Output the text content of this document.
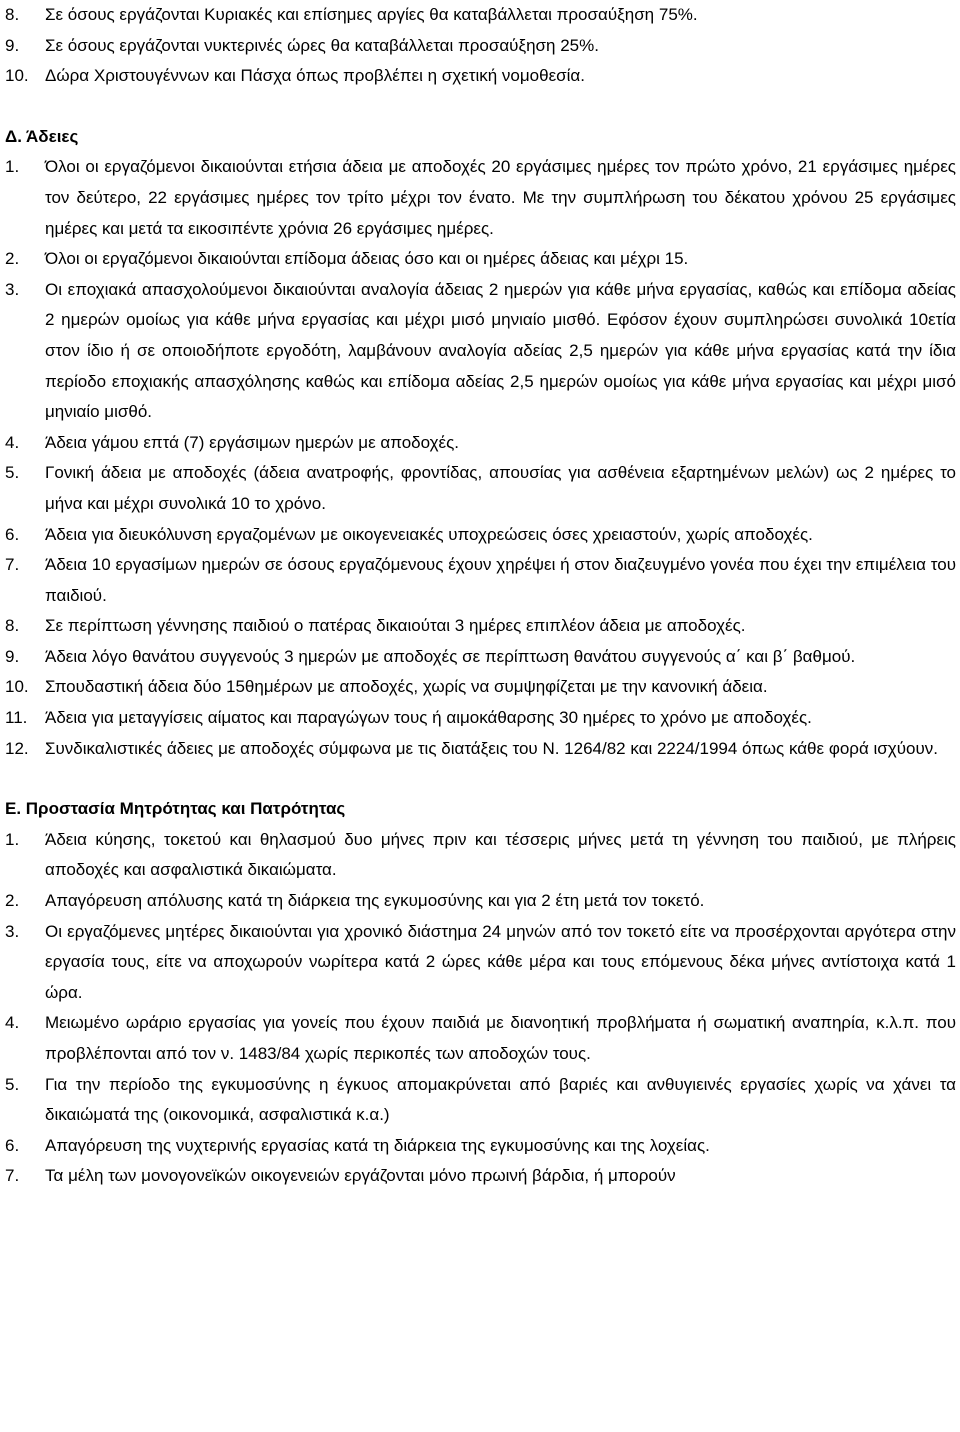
8.	Σε όσους εργάζονται Κυριακές και επίσημες αργίες θα καταβάλλεται προσαύξηση 75%.
9.	Σε όσους εργάζονται νυκτερινές ώρες θα καταβάλλεται προσαύξηση 25%.
10. Δώρα Χριστουγέννων και Πάσχα όπως προβλέπει η σχετική νομοθεσία.
Δ. Άδειες
1.	Όλοι οι εργαζόμενοι δικαιούνται ετήσια άδεια με αποδοχές 20 εργάσιμες ημέρες τον πρώτο χρόνο, 21 εργάσιμες ημέρες τον δεύτερο, 22 εργάσιμες ημέρες τον τρίτο μέχρι τον ένατο. Με την συμπλήρωση του δέκατου χρόνου 25 εργάσιμες ημέρες και μετά τα εικοσιπέντε χρόνια 26 εργάσιμες ημέρες.
2.	Όλοι οι εργαζόμενοι δικαιούνται επίδομα άδειας όσο και οι ημέρες άδειας και μέχρι 15.
3.	Οι εποχιακά απασχολούμενοι δικαιούνται αναλογία άδειας 2 ημερών για κάθε μήνα εργασίας, καθώς και επίδομα αδείας 2 ημερών ομοίως για κάθε μήνα εργασίας και μέχρι μισό μηνιαίο μισθό. Εφόσον έχουν συμπληρώσει συνολικά 10ετία στον ίδιο ή σε οποιοδήποτε εργοδότη, λαμβάνουν αναλογία αδείας 2,5 ημερών για κάθε μήνα εργασίας κατά την ίδια περίοδο εποχιακής απασχόλησης καθώς και επίδομα αδείας 2,5 ημερών ομοίως για κάθε μήνα εργασίας και μέχρι μισό μηνιαίο μισθό.
4.	Άδεια γάμου επτά (7) εργάσιμων ημερών με αποδοχές.
5.	Γονική άδεια με αποδοχές (άδεια ανατροφής, φροντίδας, απουσίας για ασθένεια εξαρτημένων μελών) ως 2 ημέρες το μήνα και μέχρι συνολικά 10 το χρόνο.
6.	Άδεια για διευκόλυνση εργαζομένων με οικογενειακές υποχρεώσεις όσες χρειαστούν, χωρίς αποδοχές.
7.	Άδεια 10 εργασίμων ημερών σε όσους εργαζόμενους έχουν χηρέψει ή στον διαζευγμένο γονέα που έχει την επιμέλεια του παιδιού.
8.	Σε περίπτωση γέννησης παιδιού ο πατέρας δικαιούται 3 ημέρες επιπλέον άδεια με αποδοχές.
9.	Άδεια λόγο θανάτου συγγενούς 3 ημερών με αποδοχές σε περίπτωση θανάτου συγγενούς α΄ και β΄ βαθμού.
10. Σπουδαστική άδεια δύο 15θημέρων με αποδοχές, χωρίς να συμψηφίζεται με την κανονική άδεια.
11.	Άδεια για μεταγγίσεις αίματος και παραγώγων τους ή αιμοκάθαρσης 30 ημέρες το χρόνο με αποδοχές.
12. Συνδικαλιστικές άδειες με αποδοχές σύμφωνα με τις διατάξεις του Ν. 1264/82 και 2224/1994 όπως κάθε φορά ισχύουν.
Ε. Προστασία Μητρότητας και Πατρότητας
1.	Άδεια κύησης, τοκετού και θηλασμού δυο μήνες πριν και τέσσερις μήνες μετά τη γέννηση του παιδιού, με πλήρεις αποδοχές και ασφαλιστικά δικαιώματα.
2.	Απαγόρευση απόλυσης κατά τη διάρκεια της εγκυμοσύνης και για 2 έτη μετά τον τοκετό.
3.	Οι εργαζόμενες μητέρες δικαιούνται για χρονικό διάστημα 24 μηνών από τον τοκετό είτε να προσέρχονται αργότερα στην εργασία τους, είτε να αποχωρούν νωρίτερα κατά 2 ώρες κάθε μέρα και τους επόμενους δέκα μήνες αντίστοιχα κατά 1 ώρα.
4.	Μειωμένο ωράριο εργασίας για γονείς που έχουν παιδιά με διανοητική προβλήματα ή σωματική αναπηρία, κ.λ.π. που προβλέπονται από τον ν. 1483/84 χωρίς περικοπές των αποδοχών τους.
5.	Για την περίοδο της εγκυμοσύνης η έγκυος απομακρύνεται από βαριές και ανθυγιεινές εργασίες χωρίς να χάνει τα δικαιώματά της (οικονομικά, ασφαλιστικά κ.α.)
6.	Απαγόρευση της νυχτερινής εργασίας κατά τη διάρκεια της εγκυμοσύνης και της λοχείας.
7.	Τα μέλη των μονογονεϊκών οικογενειών εργάζονται μόνο πρωινή βάρδια, ή μπορούν
